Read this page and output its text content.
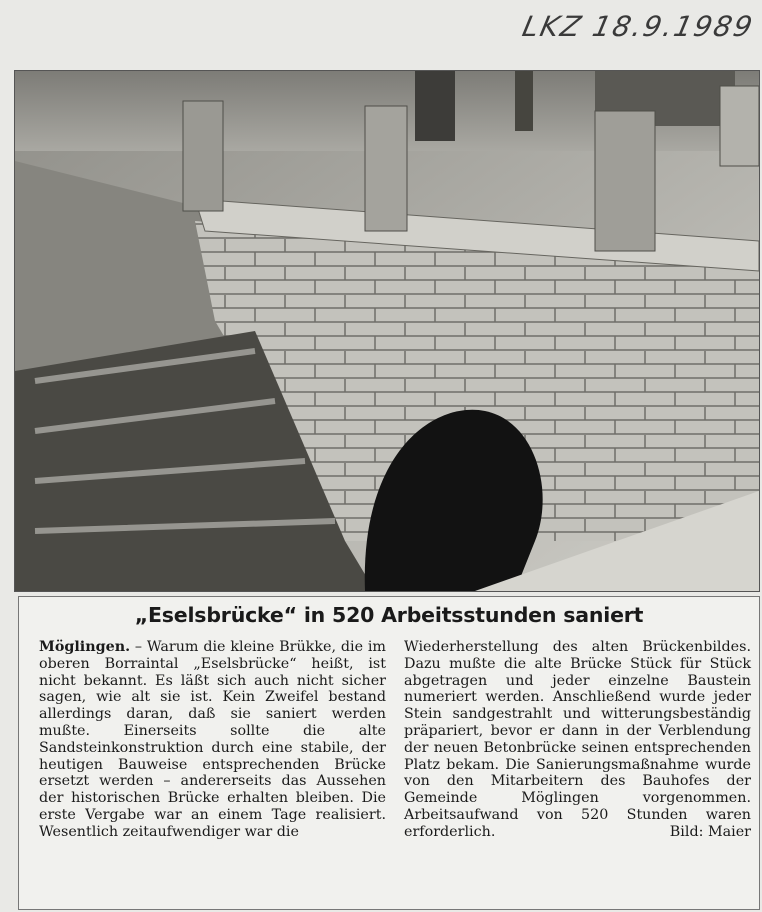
LKZ 18.9.1989
„Eselsbrücke“ in 520 Arbeitsstunden saniert

Möglingen. – Warum die kleine Brükke, die im oberen Borraintal „Eselsbrücke“ heißt, ist nicht bekannt. Es läßt sich auch nicht sicher sagen, wie alt sie ist. Kein Zweifel bestand allerdings daran, daß sie saniert werden mußte. Einerseits sollte die alte Sandsteinkonstruktion durch eine stabile, der heutigen Bauweise entsprechenden Brücke ersetzt werden – andererseits das Aussehen der historischen Brücke erhalten bleiben. Die erste Vergabe war an einem Tage realisiert. Wesentlich zeitaufwendiger war die

Wiederherstellung des alten Brückenbildes. Dazu mußte die alte Brücke Stück für Stück abgetragen und jeder einzelne Baustein numeriert werden. Anschließend wurde jeder Stein sandgestrahlt und witterungsbeständig präpariert, bevor er dann in der Verblendung der neuen Betonbrücke seinen entsprechenden Platz bekam. Die Sanierungsmaßnahme wurde von den Mitarbeitern des Bauhofes der Gemeinde Möglingen vorgenommen. Arbeitsaufwand von 520 Stunden waren erforderlich.	Bild: Maier
